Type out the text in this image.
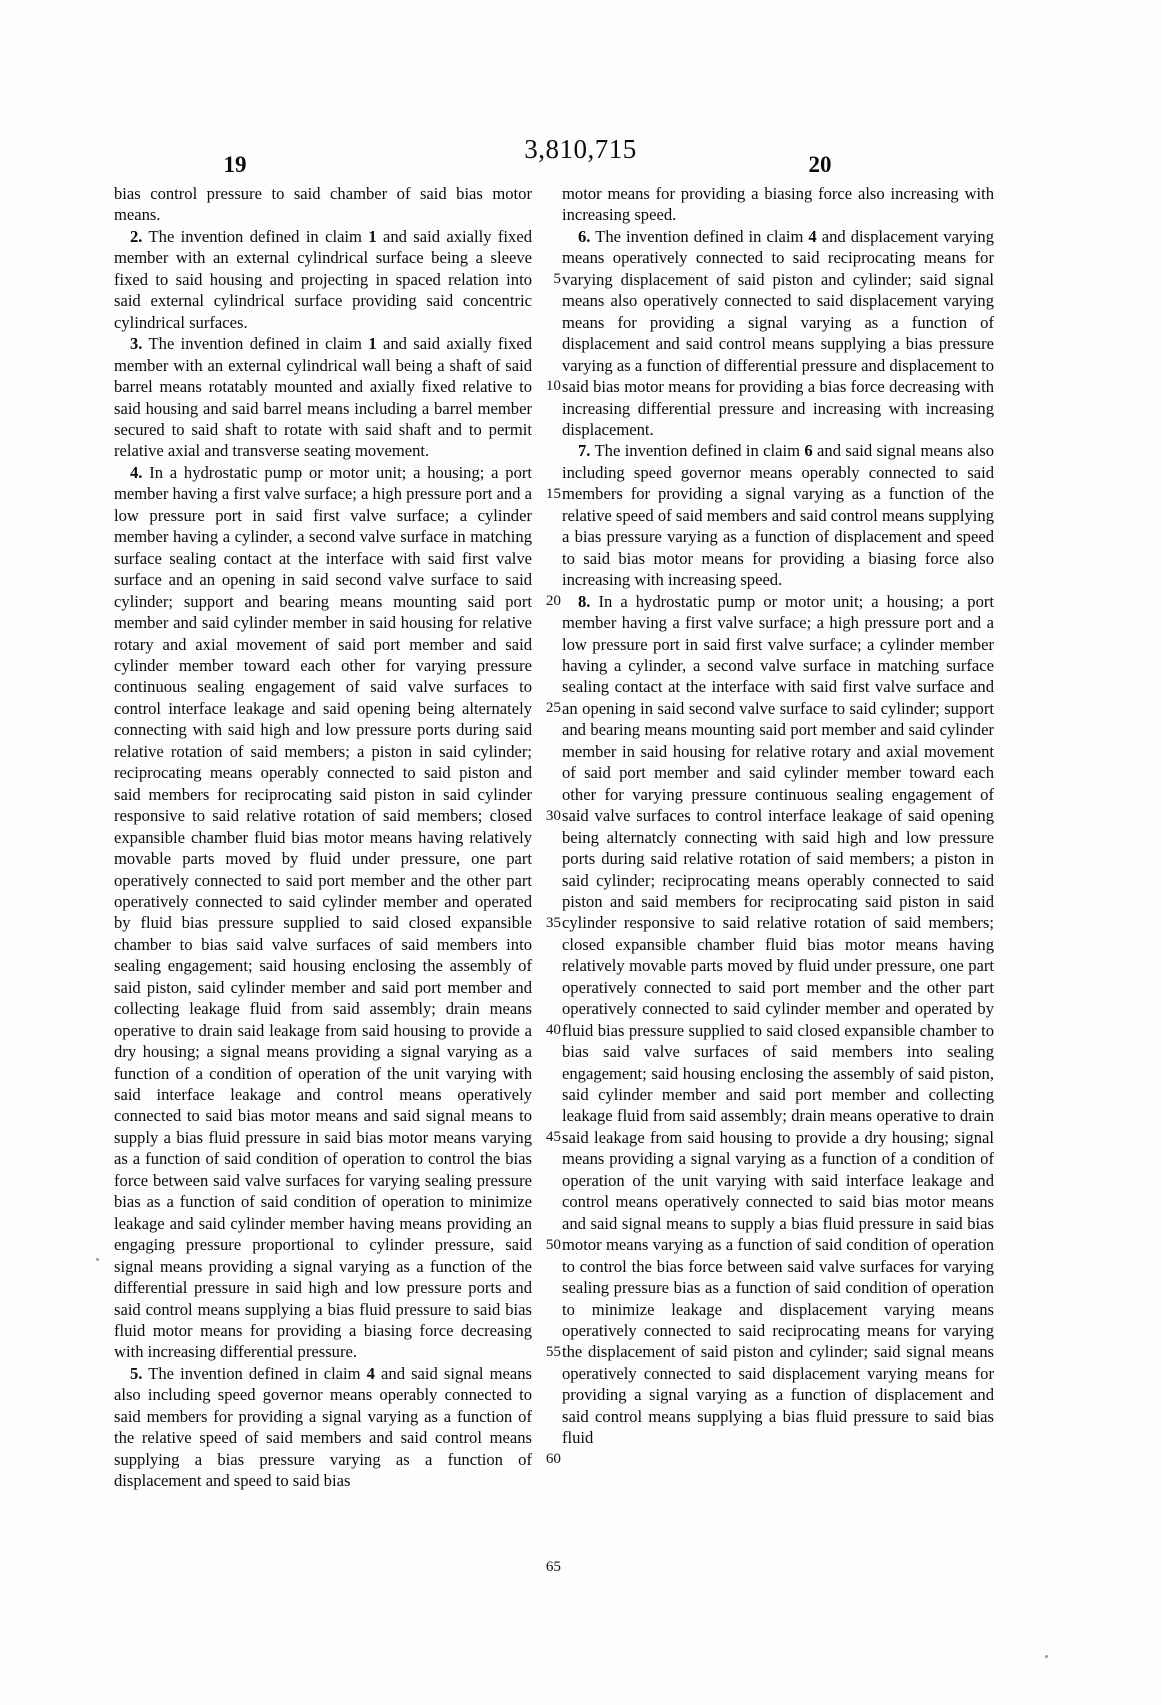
3,810,715
19	20

bias control pressure to said chamber of said bias motor means.

2. The invention defined in claim 1 and said axially fixed member with an external cylindrical surface being a sleeve fixed to said housing and projecting in spaced relation into said external cylindrical surface providing said concentric cylindrical surfaces.

3. The invention defined in claim 1 and said axially fixed member with an external cylindrical wall being a shaft of said barrel means rotatably mounted and axially fixed relative to said housing and said barrel means including a barrel member secured to said shaft to rotate with said shaft and to permit relative axial and transverse seating movement.

4. In a hydrostatic pump or motor unit; a housing; a port member having a first valve surface; a high pressure port and a low pressure port in said first valve surface; a cylinder member having a cylinder, a second valve surface in matching surface sealing contact at the interface with said first valve surface and an opening in said second valve surface to said cylinder; support and bearing means mounting said port member and said cylinder member in said housing for relative rotary and axial movement of said port member and said cylinder member toward each other for varying pressure continuous sealing engagement of said valve surfaces to control interface leakage and said opening being alternately connecting with said high and low pressure ports during said relative rotation of said members; a piston in said cylinder; reciprocating means operably connected to said piston and said members for reciprocating said piston in said cylinder responsive to said relative rotation of said members; closed expansible chamber fluid bias motor means having relatively movable parts moved by fluid under pressure, one part operatively connected to said port member and the other part operatively connected to said cylinder member and operated by fluid bias pressure supplied to said closed expansible chamber to bias said valve surfaces of said members into sealing engagement; said housing enclosing the assembly of said piston, said cylinder member and said port member and collecting leakage fluid from said assembly; drain means operative to drain said leakage from said housing to provide a dry housing; a signal means providing a signal varying as a function of a condition of operation of the unit varying with said interface leakage and control means operatively connected to said bias motor means and said signal means to supply a bias fluid pressure in said bias motor means varying as a function of said condition of operation to control the bias force between said valve surfaces for varying sealing pressure bias as a function of said condition of operation to minimize leakage and said cylinder member having means providing an engaging pressure proportional to cylinder pressure, said signal means providing a signal varying as a function of the differential pressure in said high and low pressure ports and said control means supplying a bias fluid pressure to said bias fluid motor means for providing a biasing force decreasing with increasing differential pressure.

5. The invention defined in claim 4 and said signal means also including speed governor means operably connected to said members for providing a signal varying as a function of the relative speed of said members and said control means supplying a bias pressure varying as a function of displacement and speed to said bias

motor means for providing a biasing force also increasing with increasing speed.

6. The invention defined in claim 4 and displacement varying means operatively connected to said reciprocating means for varying displacement of said piston and cylinder; said signal means also operatively connected to said displacement varying means for providing a signal varying as a function of displacement and said control means supplying a bias pressure varying as a function of differential pressure and displacement to said bias motor means for providing a bias force decreasing with increasing differential pressure and increasing with increasing displacement.

7. The invention defined in claim 6 and said signal means also including speed governor means operably connected to said members for providing a signal varying as a function of the relative speed of said members and said control means supplying a bias pressure varying as a function of displacement and speed to said bias motor means for providing a biasing force also increasing with increasing speed.

8. In a hydrostatic pump or motor unit; a housing; a port member having a first valve surface; a high pressure port and a low pressure port in said first valve surface; a cylinder member having a cylinder, a second valve surface in matching surface sealing contact at the interface with said first valve surface and an opening in said second valve surface to said cylinder; support and bearing means mounting said port member and said cylinder member in said housing for relative rotary and axial movement of said port member and said cylinder member toward each other for varying pressure continuous sealing engagement of said valve surfaces to control interface leakage of said opening being alternatcly connecting with said high and low pressure ports during said relative rotation of said members; a piston in said cylinder; reciprocating means operably connected to said piston and said members for reciprocating said piston in said cylinder responsive to said relative rotation of said members; closed expansible chamber fluid bias motor means having relatively movable parts moved by fluid under pressure, one part operatively connected to said port member and the other part operatively connected to said cylinder member and operated by fluid bias pressure supplied to said closed expansible chamber to bias said valve surfaces of said members into sealing engagement; said housing enclosing the assembly of said piston, said cylinder member and said port member and collecting leakage fluid from said assembly; drain means operative to drain said leakage from said housing to provide a dry housing; signal means providing a signal varying as a function of a condition of operation of the unit varying with said interface leakage and control means operatively connected to said bias motor means and said signal means to supply a bias fluid pressure in said bias motor means varying as a function of said condition of operation to control the bias force between said valve surfaces for varying sealing pressure bias as a function of said condition of operation to minimize leakage and displacement varying means operatively connected to said reciprocating means for varying the displacement of said piston and cylinder; said signal means operatively connected to said displacement varying means for providing a signal varying as a function of displacement and said control means supplying a bias fluid pressure to said bias fluid

5
10
15
20
25
30
35
40
45
50
55
60
65
